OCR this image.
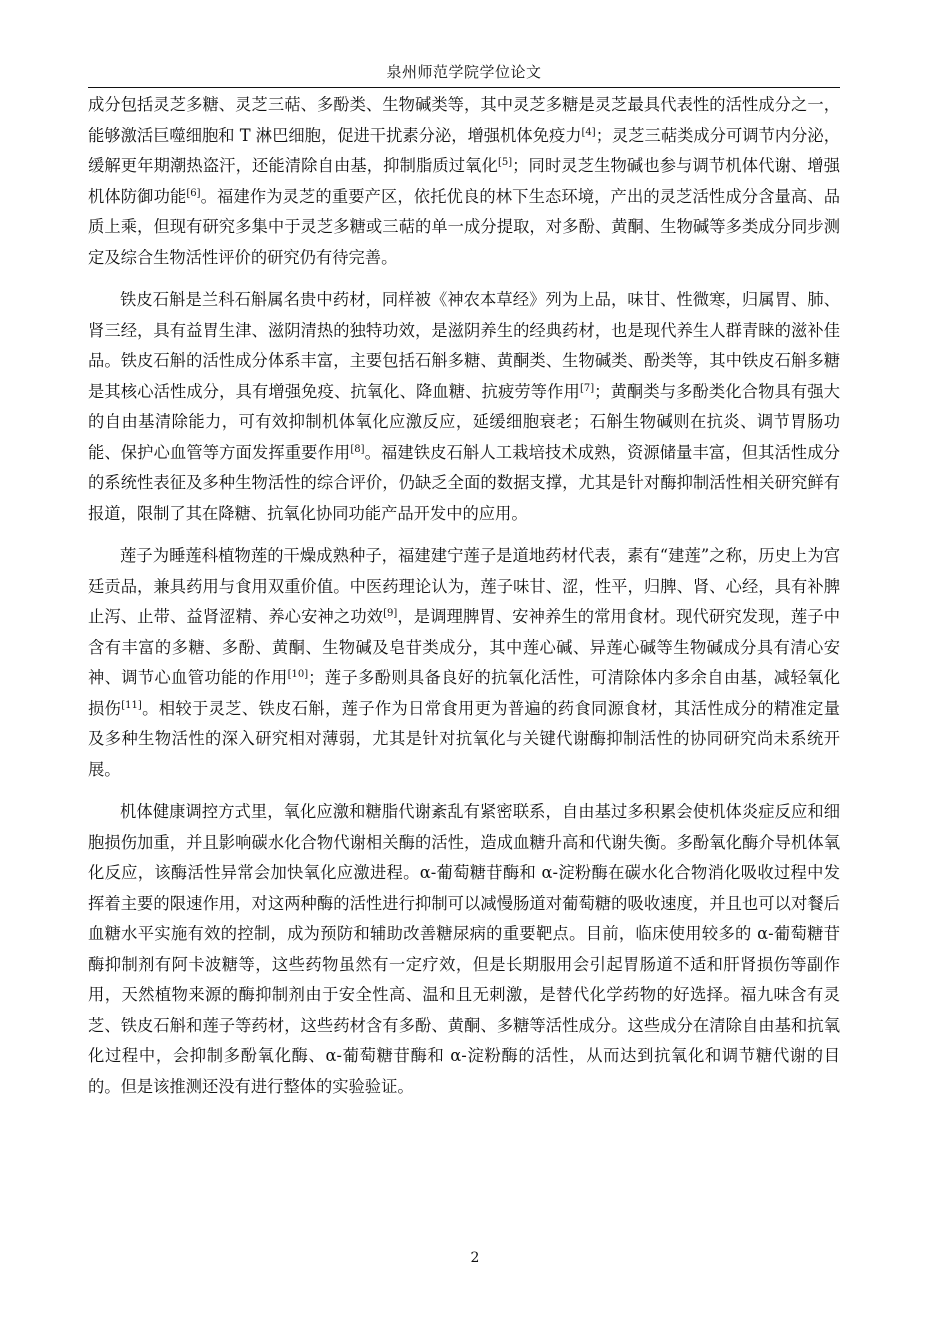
泉州师范学院学位论文

成分包括灵芝多糖、灵芝三萜、多酚类、生物碱类等，其中灵芝多糖是灵芝最具代表性的活性成分之一，能够激活巨噬细胞和 T 淋巴细胞，促进干扰素分泌，增强机体免疫力[4]；灵芝三萜类成分可调节内分泌，缓解更年期潮热盗汗，还能清除自由基，抑制脂质过氧化[5]；同时灵芝生物碱也参与调节机体代谢、增强机体防御功能[6]。福建作为灵芝的重要产区，依托优良的林下生态环境，产出的灵芝活性成分含量高、品质上乘，但现有研究多集中于灵芝多糖或三萜的单一成分提取，对多酚、黄酮、生物碱等多类成分同步测定及综合生物活性评价的研究仍有待完善。

铁皮石斛是兰科石斛属名贵中药材，同样被《神农本草经》列为上品，味甘、性微寒，归属胃、肺、肾三经，具有益胃生津、滋阴清热的独特功效，是滋阴养生的经典药材，也是现代养生人群青睐的滋补佳品。铁皮石斛的活性成分体系丰富，主要包括石斛多糖、黄酮类、生物碱类、酚类等，其中铁皮石斛多糖是其核心活性成分，具有增强免疫、抗氧化、降血糖、抗疲劳等作用[7]；黄酮类与多酚类化合物具有强大的自由基清除能力，可有效抑制机体氧化应激反应，延缓细胞衰老；石斛生物碱则在抗炎、调节胃肠功能、保护心血管等方面发挥重要作用[8]。福建铁皮石斛人工栽培技术成熟，资源储量丰富，但其活性成分的系统性表征及多种生物活性的综合评价，仍缺乏全面的数据支撑，尤其是针对酶抑制活性相关研究鲜有报道，限制了其在降糖、抗氧化协同功能产品开发中的应用。

莲子为睡莲科植物莲的干燥成熟种子，福建建宁莲子是道地药材代表，素有“建莲”之称，历史上为宫廷贡品，兼具药用与食用双重价值。中医药理论认为，莲子味甘、涩，性平，归脾、肾、心经，具有补脾止泻、止带、益肾涩精、养心安神之功效[9]，是调理脾胃、安神养生的常用食材。现代研究发现，莲子中含有丰富的多糖、多酚、黄酮、生物碱及皂苷类成分，其中莲心碱、异莲心碱等生物碱成分具有清心安神、调节心血管功能的作用[10]；莲子多酚则具备良好的抗氧化活性，可清除体内多余自由基，减轻氧化损伤[11]。相较于灵芝、铁皮石斛，莲子作为日常食用更为普遍的药食同源食材，其活性成分的精准定量及多种生物活性的深入研究相对薄弱，尤其是针对抗氧化与关键代谢酶抑制活性的协同研究尚未系统开展。

机体健康调控方式里，氧化应激和糖脂代谢紊乱有紧密联系，自由基过多积累会使机体炎症反应和细胞损伤加重，并且影响碳水化合物代谢相关酶的活性，造成血糖升高和代谢失衡。多酚氧化酶介导机体氧化反应，该酶活性异常会加快氧化应激进程。α-葡萄糖苷酶和 α-淀粉酶在碳水化合物消化吸收过程中发挥着主要的限速作用，对这两种酶的活性进行抑制可以减慢肠道对葡萄糖的吸收速度，并且也可以对餐后血糖水平实施有效的控制，成为预防和辅助改善糖尿病的重要靶点。目前，临床使用较多的 α-葡萄糖苷酶抑制剂有阿卡波糖等，这些药物虽然有一定疗效，但是长期服用会引起胃肠道不适和肝肾损伤等副作用，天然植物来源的酶抑制剂由于安全性高、温和且无刺激，是替代化学药物的好选择。福九味含有灵芝、铁皮石斛和莲子等药材，这些药材含有多酚、黄酮、多糖等活性成分。这些成分在清除自由基和抗氧化过程中，会抑制多酚氧化酶、α-葡萄糖苷酶和 α-淀粉酶的活性，从而达到抗氧化和调节糖代谢的目的。但是该推测还没有进行整体的实验验证。

2
